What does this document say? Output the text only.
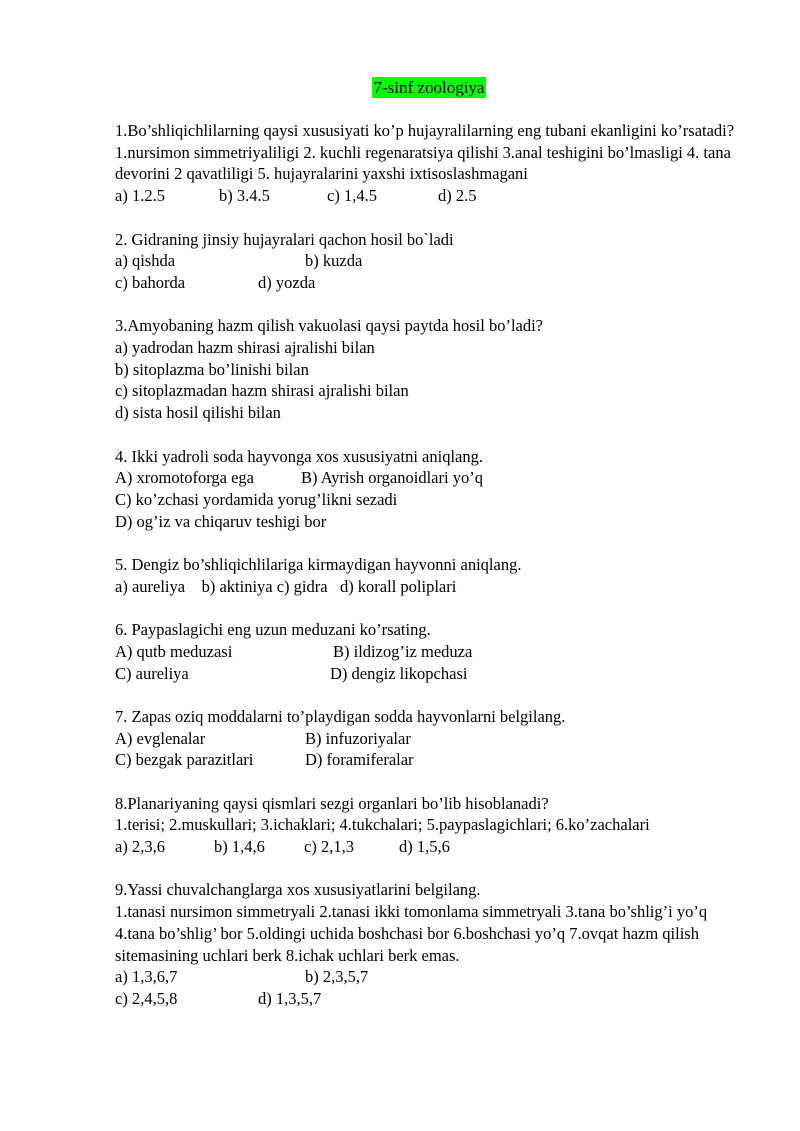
7-sinf zoologiya
1.Bo’shliqichlilarning qaysi xususiyati ko’p hujayralilarning eng tubani ekanligini ko’rsatadi?
1.nursimon simmetriyaliligi 2. kuchli regenaratsiya qilishi 3.anal teshigini bo’lmasligi 4. tana devorini 2 qavatliligi 5. hujayralarini yaxshi ixtisoslashmagani
a) 1.2.5	b) 3.4.5	c) 1,4.5	d) 2.5
2. Gidraning jinsiy hujayralari qachon hosil bo`ladi
a) qishda	b) kuzda
c) bahorda	d) yozda
3.Amyobaning hazm qilish vakuolasi qaysi paytda hosil bo’ladi?
a) yadrodan hazm shirasi ajralishi bilan
b) sitoplazma bo’linishi bilan
c) sitoplazmadan hazm shirasi ajralishi bilan
d) sista hosil qilishi bilan
4. Ikki yadroli soda hayvonga xos xususiyatni aniqlang.
A) xromotoforga ega	B) Ayrish organoidlari yo’q
C) ko’zchasi yordamida yorug’likni sezadi
D) og’iz va chiqaruv teshigi bor
5. Dengiz bo’shliqichlilariga kirmaydigan hayvonni aniqlang.
a) aureliya    b) aktiniya c) gidra   d) korall poliplari
6. Paypaslagichi eng uzun meduzani ko’rsating.
A) qutb meduzasi	B) ildizog’iz meduza
C) aureliya	D) dengiz likopchasi
7. Zapas oziq moddalarni to’playdigan sodda hayvonlarni belgilang.
A) evglenalar	B) infuzoriyalar
C) bezgak parazitlari	D) foramiferalar
8.Planariyaning qaysi qismlari sezgi organlari bo’lib hisoblanadi?
1.terisi; 2.muskullari; 3.ichaklari; 4.tukchalari; 5.paypaslagichlari; 6.ko’zachalari
a) 2,3,6	b) 1,4,6	c) 2,1,3	d) 1,5,6
9.Yassi chuvalchanglarga xos xususiyatlarini belgilang.
1.tanasi nursimon simmetryali 2.tanasi ikki tomonlama simmetryali 3.tana bo’shlig’i yo’q 4.tana bo’shlig’ bor 5.oldingi uchida boshchasi bor 6.boshchasi yo’q 7.ovqat hazm qilish sitemasining uchlari berk 8.ichak uchlari berk emas.
a) 1,3,6,7	b) 2,3,5,7
c) 2,4,5,8	d) 1,3,5,7
